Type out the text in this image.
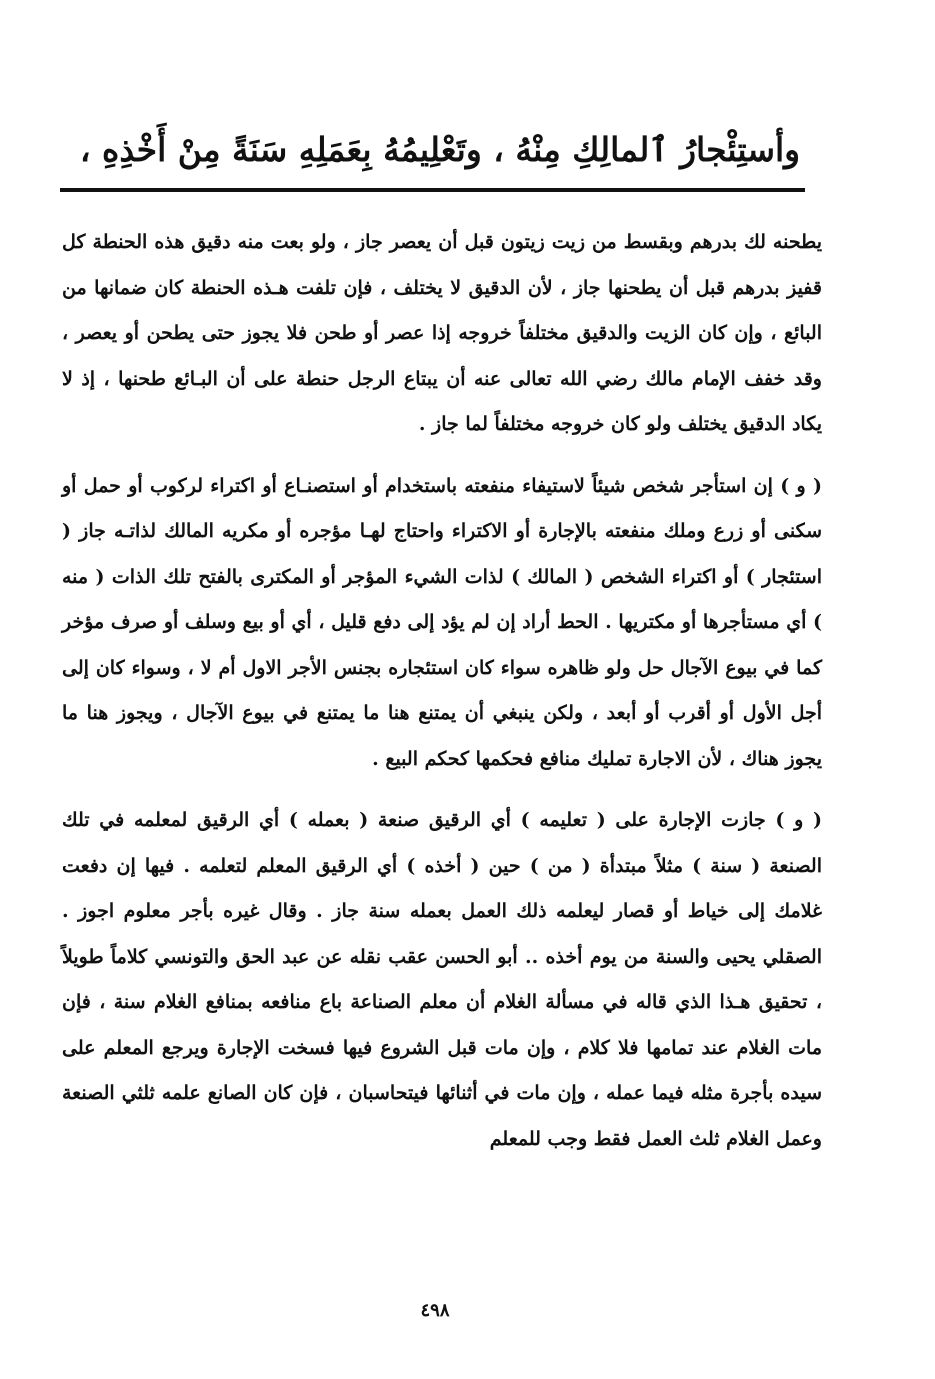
وأستِئْجارُ ٱلمالِكِ مِنْهُ ، وتَعْلِيمُهُ بِعَمَلِهِ سَنَةً مِنْ أَخْذِهِ ،

يطحنه لك بدرهم وبقسط من زيت زيتون قبل أن يعصر جاز ، ولو بعت منه دقيق هذه الحنطة كل قفيز بدرهم قبل أن يطحنها جاز ، لأن الدقيق لا يختلف ، فإن تلفت هـذه الحنطة كان ضمانها من البائع ، وإن كان الزيت والدقيق مختلفاً خروجه إذا عصر أو طحن فلا يجوز حتى يطحن أو يعصر ، وقد خفف الإمام مالك رضي الله تعالى عنه أن يبتاع الرجل حنطة على أن البـائع طحنها ، إذ لا يكاد الدقيق يختلف ولو كان خروجه مختلفاً لما جاز .

( و ) إن استأجر شخص شيئاً لاستيفاء منفعته باستخدام أو استصنـاع أو اكتراء لركوب أو حمل أو سكنى أو زرع وملك منفعته بالإجارة أو الاكتراء واحتاج لهـا مؤجره أو مكريه المالك لذاتـه جاز ( استئجار ) أو اكتراء الشخص ( المالك ) لذات الشيء المؤجر أو المكترى بالفتح تلك الذات ( منه ) أي مستأجرها أو مكتريها . الحط أراد إن لم يؤد إلى دفع قليل ، أي أو بيع وسلف أو صرف مؤخر كما في بيوع الآجال حل ولو ظاهره سواء كان استئجاره بجنس الأجر الاول أم لا ، وسواء كان إلى أجل الأول أو أقرب أو أبعد ، ولكن ينبغي أن يمتنع هنا ما يمتنع في بيوع الآجال ، ويجوز هنا ما يجوز هناك ، لأن الاجارة تمليك منافع فحكمها كحكم البيع .

( و ) جازت الإجارة على ( تعليمه ) أي الرقيق صنعة ( بعمله ) أي الرقيق لمعلمه في تلك الصنعة ( سنة ) مثلاً مبتدأة ( من ) حين ( أخذه ) أي الرقيق المعلم لتعلمه . فيها إن دفعت غلامك إلى خياط أو قصار ليعلمه ذلك العمل بعمله سنة جاز . وقال غيره بأجر معلوم اجوز . الصقلي يحيى والسنة من يوم أخذه .. أبو الحسن عقب نقله عن عبد الحق والتونسي كلاماً طويلاً ، تحقيق هـذا الذي قاله في مسألة الغلام أن معلم الصناعة باع منافعه بمنافع الغلام سنة ، فإن مات الغلام عند تمامها فلا كلام ، وإن مات قبل الشروع فيها فسخت الإجارة ويرجع المعلم على سيده بأجرة مثله فيما عمله ، وإن مات في أثنائها فيتحاسبان ، فإن كان الصانع علمه ثلثي الصنعة وعمل الغلام ثلث العمل فقط وجب للمعلم

٤٩٨
